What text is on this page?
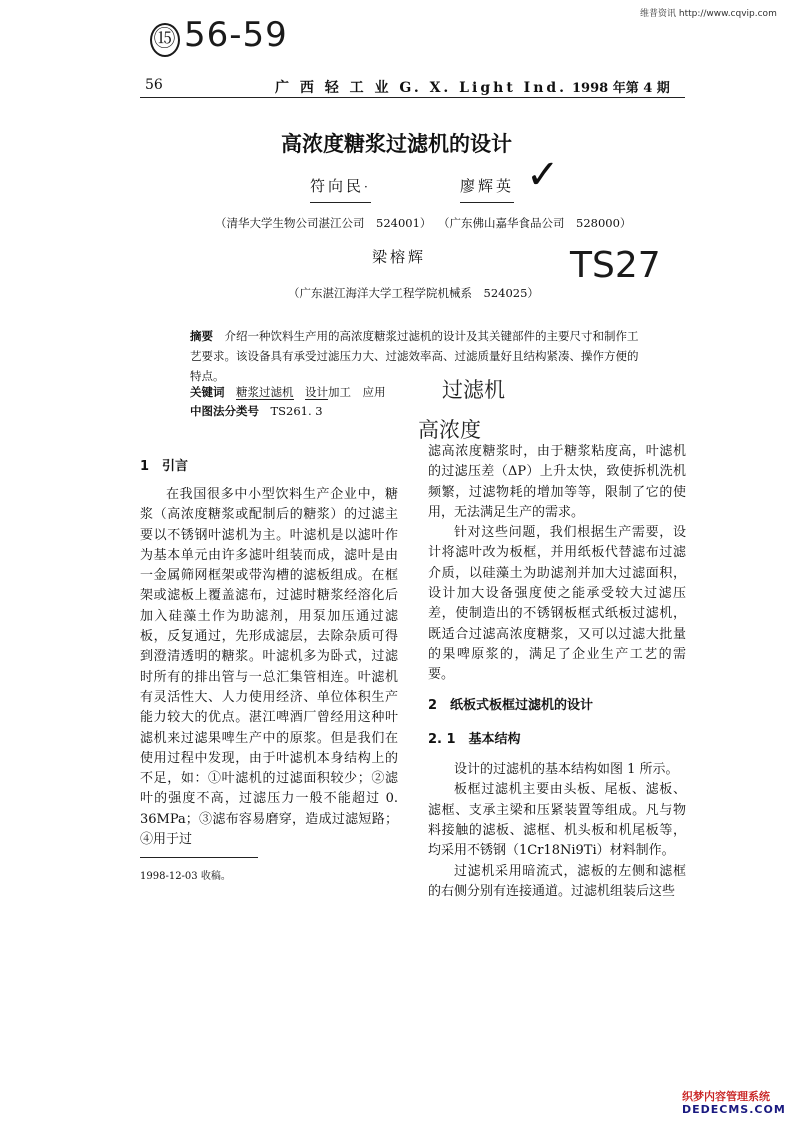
维普资讯 http://www.cqvip.com
⑮ 56-59
56	广 西 轻 工 业 G. X. Light Ind. 1998 年第 4 期
高浓度糖浆过滤机的设计
✓
符向民·	廖辉英
（清华大学生物公司湛江公司　524001） （广东佛山嘉华食品公司　528000）
梁榕辉	TS27
（广东湛江海洋大学工程学院机械系　524025）
摘要　 介绍一种饮料生产用的高浓度糖浆过滤机的设计及其关键部件的主要尺寸和制作工艺要求。该设备具有承受过滤压力大、过滤效率高、过滤质量好且结构紧凑、操作方便的特点。
关键词　 糖浆过滤机　 设计加工　 应用
中图法分类号　 TS261. 3
过滤机
高浓度
1　引言

在我国很多中小型饮料生产企业中，糖浆（高浓度糖浆或配制后的糖浆）的过滤主要以不锈钢叶滤机为主。叶滤机是以滤叶作为基本单元由许多滤叶组装而成，滤叶是由一金属筛网框架或带沟槽的滤板组成。在框架或滤板上覆盖滤布，过滤时糖浆经溶化后加入硅藻土作为助滤剂，用泵加压通过滤板，反复通过，先形成滤层，去除杂质可得到澄清透明的糖浆。叶滤机多为卧式，过滤时所有的排出管与一总汇集管相连。叶滤机有灵活性大、人力使用经济、单位体积生产能力较大的优点。湛江啤酒厂曾经用这种叶滤机来过滤果啤生产中的原浆。但是我们在使用过程中发现，由于叶滤机本身结构上的不足，如：①叶滤机的过滤面积较少；②滤叶的强度不高，过滤压力一般不能超过 0. 36MPa；③滤布容易磨穿，造成过滤短路；④用于过

1998-12-03 收稿。

滤高浓度糖浆时，由于糖浆粘度高，叶滤机的过滤压差（ΔP）上升太快，致使拆机洗机频繁，过滤物耗的增加等等，限制了它的使用，无法满足生产的需求。

针对这些问题，我们根据生产需要，设计将滤叶改为板框，并用纸板代替滤布过滤介质，以硅藻土为助滤剂并加大过滤面积，设计加大设备强度使之能承受较大过滤压差，使制造出的不锈钢板框式纸板过滤机，既适合过滤高浓度糖浆，又可以过滤大批量的果啤原浆的，满足了企业生产工艺的需要。

2　纸板式板框过滤机的设计

2. 1　基本结构

设计的过滤机的基本结构如图 1 所示。

板框过滤机主要由头板、尾板、滤板、滤框、支承主梁和压紧装置等组成。凡与物料接触的滤板、滤框、机头板和机尾板等，均采用不锈钢（1Cr18Ni9Ti）材料制作。

过滤机采用暗流式，滤板的左侧和滤框的右侧分别有连接通道。过滤机组装后这些

织梦内容管理系统
DEDECMS.COM
